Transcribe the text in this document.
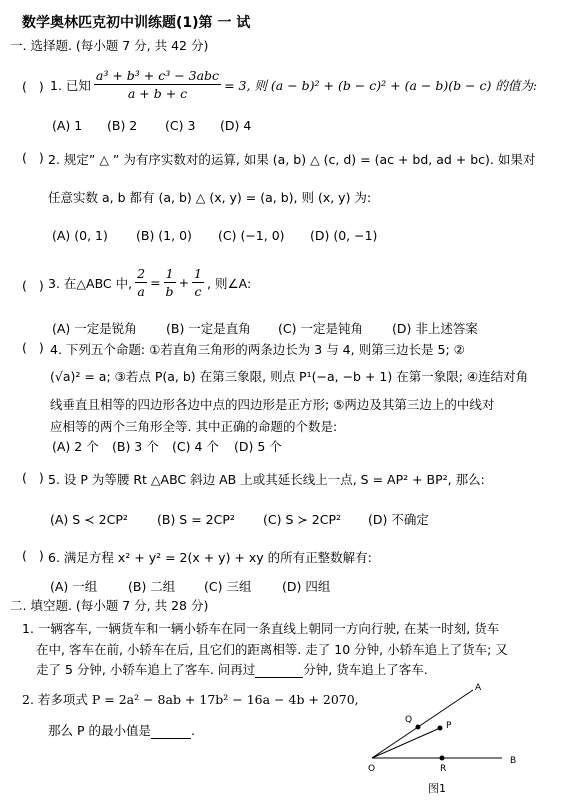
数学奥林匹克初中训练题(1)第 一 试
一. 选择题. (每小题 7 分, 共 42 分)
( ) 1. 已知 $\frac{\text{a³ + b³ + c³ − 3abc}}{a + b + c} = 3$, 则 (a − b)² + (b − c)² + (a − b)(b − c) 的值为:
(A) 1 (B) 2 (C) 3 (D) 4
( ) 2. 规定” △ ” 为有序实数对的运算, 如果 (a, b) △ (c, d) = (ac + bd, ad + bc). 如果对
任意实数 a, b 都有 (a, b) △ (x, y) = (a, b), 则 (x, y) 为:
(A) (0, 1) (B) (1, 0) (C) (−1, 0) (D) (0, −1)
( ) 3. 在△ABC 中, $\frac{2}{a} = \frac{1}{b} + \frac{1}{c}$ , 则∠A:
(A) 一定是锐角 (B) 一定是直角 (C) 一定是钝角 (D) 非上述答案
( ) 4. 下列五个命题: ①若直角三角形的两条边长为 3 与 4, 则第三边长是 5; ②
(√a)² = a; ③若点 P(a, b) 在第三象限, 则点 P¹(−a, −b + 1) 在第一象限; ④连结对角
线垂直且相等的四边形各边中点的四边形是正方形; ⑤两边及其第三边上的中线对
应相等的两个三角形全等. 其中正确的命题的个数是:
(A) 2 个 (B) 3 个 (C) 4 个 (D) 5 个
( ) 5. 设 P 为等腰 Rt △ABC 斜边 AB 上或其延长线上一点, S = AP² + BP², 那么:
(A) S ≺ 2CP² (B) S = 2CP² (C) S ≻ 2CP² (D) 不确定
( ) 6. 满足方程 x² + y² = 2(x + y) + xy 的所有正整数解有:
(A) 一组 (B) 二组 (C) 三组 (D) 四组
二. 填空题. (每小题 7 分, 共 28 分)
1. 一辆客车, 一辆货车和一辆小轿车在同一条直线上朝同一方向行驶, 在某一时刻, 货车
在中, 客车在前, 小轿车在后, 且它们的距离相等. 走了 10 分钟, 小轿车追上了货车; 又
走了 5 分钟, 小轿车追上了客车. 问再过	分钟, 货车追上了客车.
2. 若多项式 P = 2a² − 8ab + 17b² − 16a − 4b + 2070,
那么 P 的最小值是	.
A
B
O
P
Q
R
图1
